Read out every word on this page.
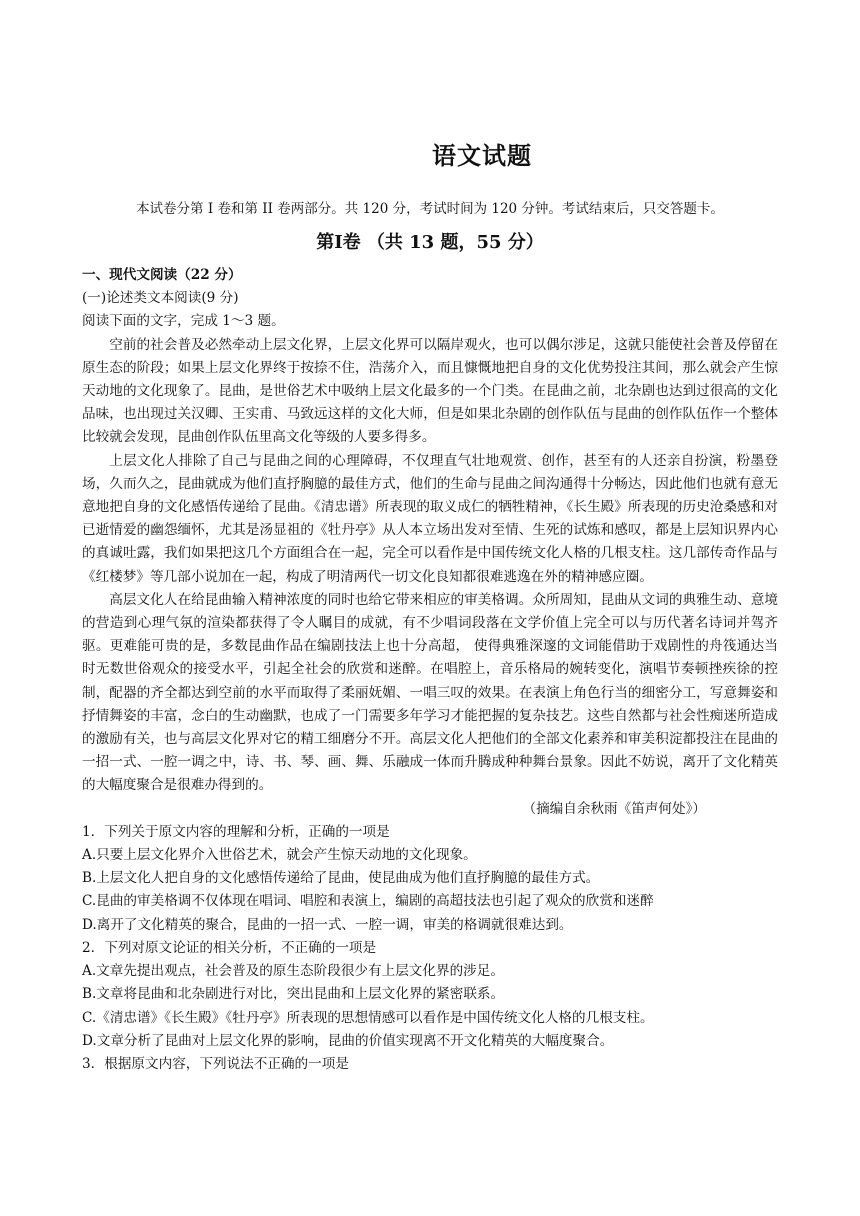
语文试题
本试卷分第 I 卷和第 II 卷两部分。共 120 分，考试时间为 120 分钟。考试结束后，只交答题卡。
第Ⅰ卷 （共 13 题，55 分）

一、现代文阅读（22 分）

(一)论述类文本阅读(9 分)

阅读下面的文字，完成 1～3 题。

空前的社会普及必然牵动上层文化界，上层文化界可以隔岸观火，也可以偶尔涉足，这就只能使社会普及停留在原生态的阶段；如果上层文化界终于按捺不住，浩荡介入，而且慷慨地把自身的文化优势投注其间，那么就会产生惊天动地的文化现象了。昆曲，是世俗艺术中吸纳上层文化最多的一个门类。在昆曲之前，北杂剧也达到过很高的文化品味，也出现过关汉卿、王实甫、马致远这样的文化大师，但是如果北杂剧的创作队伍与昆曲的创作队伍作一个整体比较就会发现，昆曲创作队伍里高文化等级的人要多得多。

上层文化人排除了自己与昆曲之间的心理障碍，不仅理直气壮地观赏、创作，甚至有的人还亲自扮演，粉墨登场，久而久之，昆曲就成为他们直抒胸臆的最佳方式，他们的生命与昆曲之间沟通得十分畅达，因此他们也就有意无意地把自身的文化感悟传递给了昆曲。《清忠谱》所表现的取义成仁的牺牲精神，《长生殿》所表现的历史沧桑感和对已逝情爱的幽怨缅怀，尤其是汤显祖的《牡丹亭》从人本立场出发对至情、生死的试炼和感叹，都是上层知识界内心的真诚吐露，我们如果把这几个方面组合在一起，完全可以看作是中国传统文化人格的几根支柱。这几部传奇作品与《红楼梦》等几部小说加在一起，构成了明清两代一切文化良知都很难逃逸在外的精神感应圈。

高层文化人在给昆曲输入精神浓度的同时也给它带来相应的审美格调。众所周知，昆曲从文词的典雅生动、意境的营造到心理气氛的渲染都获得了令人瞩目的成就，有不少唱词段落在文学价值上完全可以与历代著名诗词并驾齐驱。更难能可贵的是，多数昆曲作品在编剧技法上也十分高超， 使得典雅深邃的文词能借助于戏剧性的舟筏通达当时无数世俗观众的接受水平，引起全社会的欣赏和迷醉。在唱腔上，音乐格局的婉转变化，演唱节奏顿挫疾徐的控制，配器的齐全都达到空前的水平而取得了柔丽妩媚、一唱三叹的效果。在表演上角色行当的细密分工，写意舞姿和抒情舞姿的丰富，念白的生动幽默，也成了一门需要多年学习才能把握的复杂技艺。这些自然都与社会性痴迷所造成的激励有关，也与高层文化界对它的精工细磨分不开。高层文化人把他们的全部文化素养和审美积淀都投注在昆曲的一招一式、一腔一调之中，诗、书、琴、画、舞、乐融成一体而升腾成种种舞台景象。因此不妨说，离开了文化精英的大幅度聚合是很难办得到的。

（摘编自余秋雨《笛声何处》）

1．下列关于原文内容的理解和分析，正确的一项是

A.只要上层文化界介入世俗艺术，就会产生惊天动地的文化现象。

B.上层文化人把自身的文化感悟传递给了昆曲，使昆曲成为他们直抒胸臆的最佳方式。

C.昆曲的审美格调不仅体现在唱词、唱腔和表演上，编剧的高超技法也引起了观众的欣赏和迷醉

D.离开了文化精英的聚合，昆曲的一招一式、一腔一调，审美的格调就很难达到。

2．下列对原文论证的相关分析，不正确的一项是

A.文章先提出观点，社会普及的原生态阶段很少有上层文化界的涉足。

B.文章将昆曲和北杂剧进行对比，突出昆曲和上层文化界的紧密联系。

C.《清忠谱》《长生殿》《牡丹亭》所表现的思想情感可以看作是中国传统文化人格的几根支柱。

D.文章分析了昆曲对上层文化界的影响，昆曲的价值实现离不开文化精英的大幅度聚合。

3．根据原文内容，下列说法不正确的一项是
